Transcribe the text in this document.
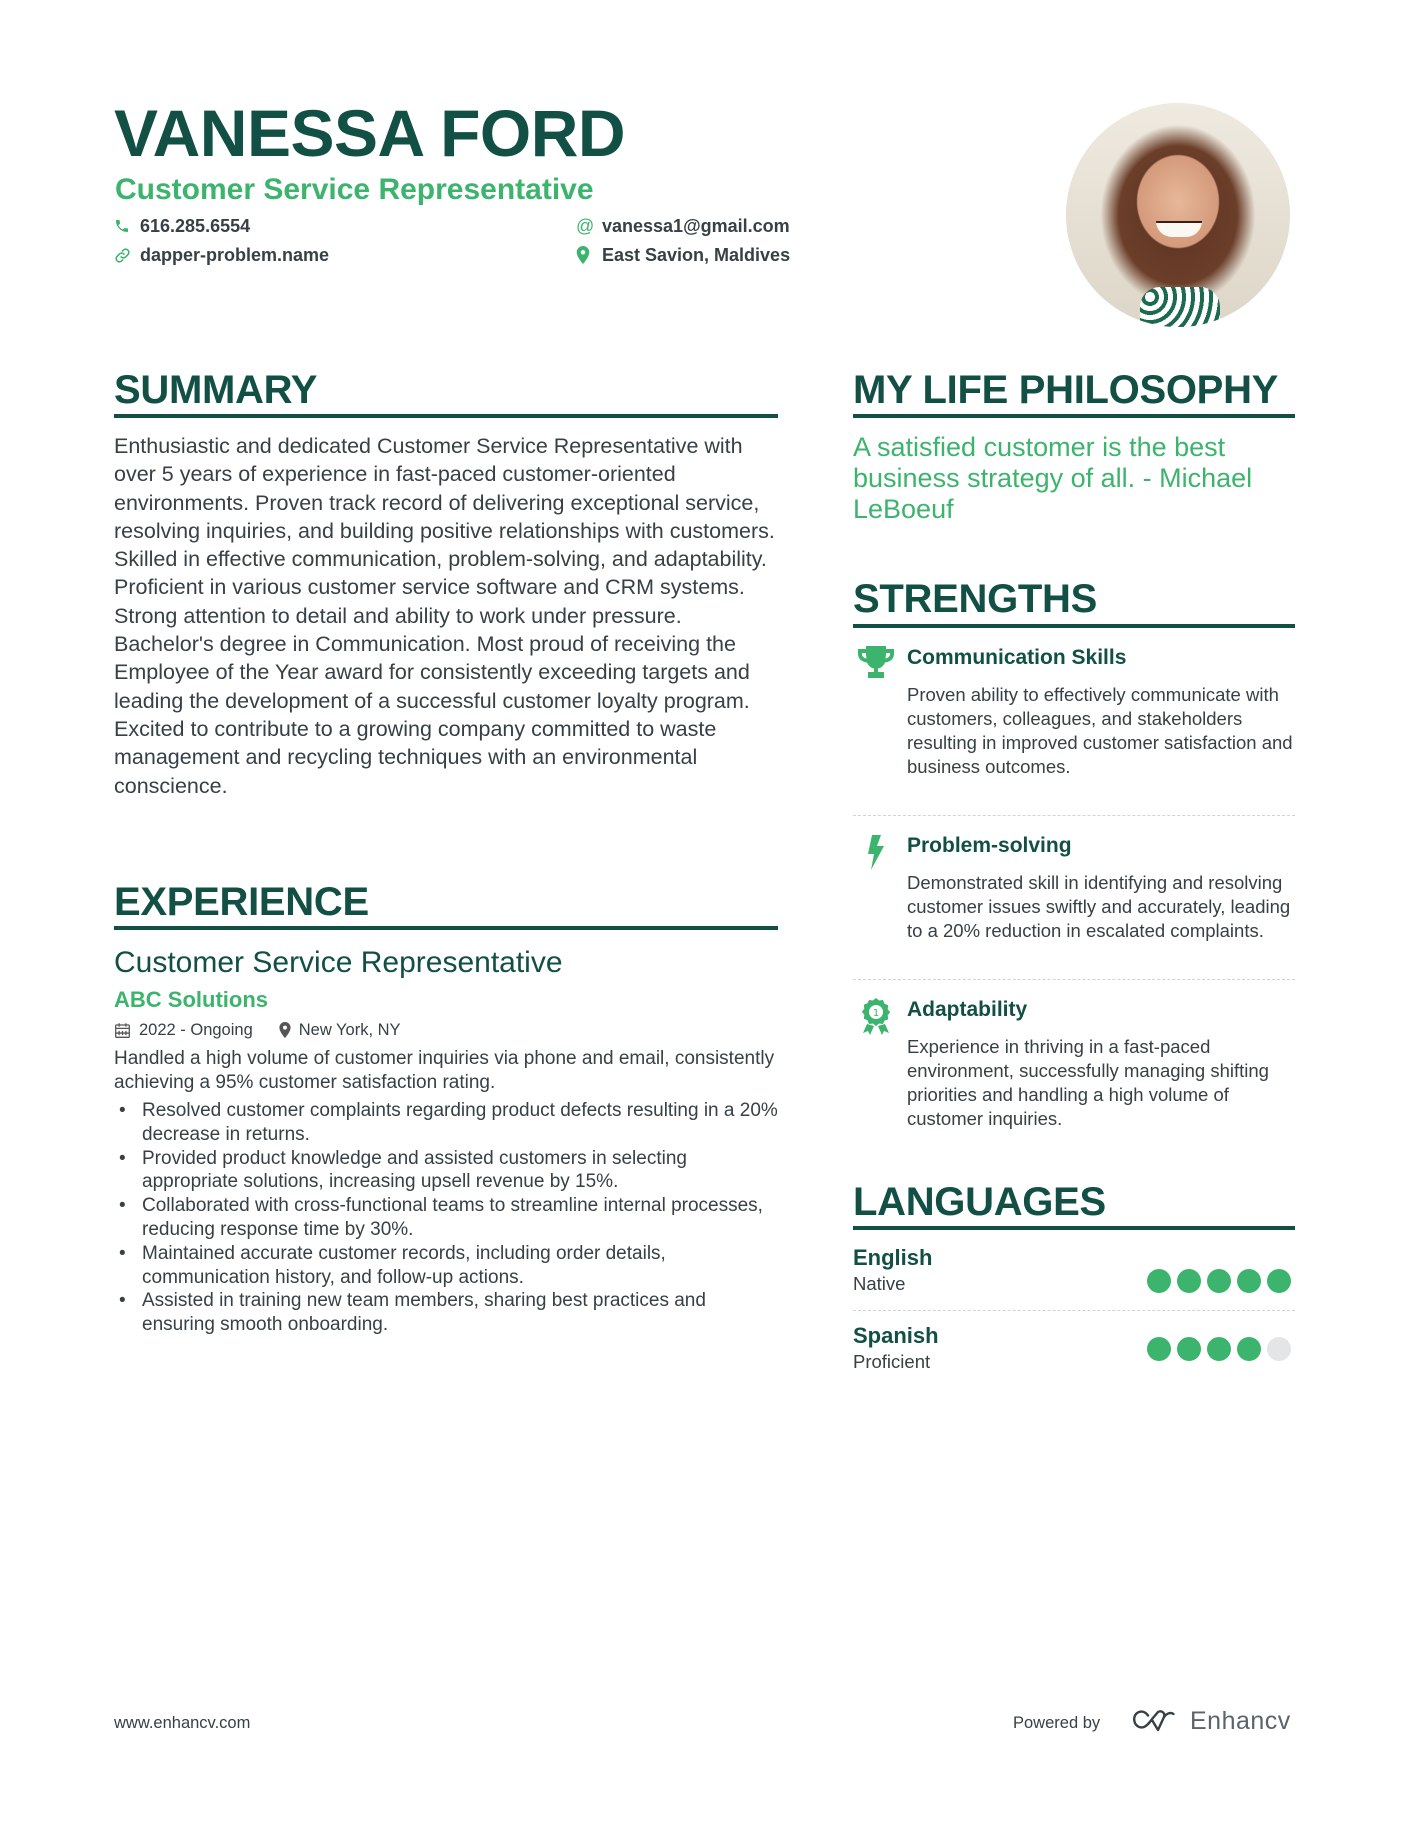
VANESSA FORD
Customer Service Representative
616.285.6554
dapper-problem.name
@ vanessa1@gmail.com
East Savion, Maldives
SUMMARY
Enthusiastic and dedicated Customer Service Representative with over 5 years of experience in fast-paced customer-oriented environments. Proven track record of delivering exceptional service, resolving inquiries, and building positive relationships with customers. Skilled in effective communication, problem-solving, and adaptability. Proficient in various customer service software and CRM systems. Strong attention to detail and ability to work under pressure. Bachelor's degree in Communication. Most proud of receiving the Employee of the Year award for consistently exceeding targets and leading the development of a successful customer loyalty program. Excited to contribute to a growing company committed to waste management and recycling techniques with an environmental conscience.
EXPERIENCE
Customer Service Representative
ABC Solutions
2022 - Ongoing	New York, NY
Handled a high volume of customer inquiries via phone and email, consistently achieving a 95% customer satisfaction rating.
• Resolved customer complaints regarding product defects resulting in a 20% decrease in returns.
• Provided product knowledge and assisted customers in selecting appropriate solutions, increasing upsell revenue by 15%.
• Collaborated with cross-functional teams to streamline internal processes, reducing response time by 30%.
• Maintained accurate customer records, including order details, communication history, and follow-up actions.
• Assisted in training new team members, sharing best practices and ensuring smooth onboarding.
MY LIFE PHILOSOPHY
A satisfied customer is the best business strategy of all. - Michael LeBoeuf
STRENGTHS
Communication Skills
Proven ability to effectively communicate with customers, colleagues, and stakeholders resulting in improved customer satisfaction and business outcomes.
Problem-solving
Demonstrated skill in identifying and resolving customer issues swiftly and accurately, leading to a 20% reduction in escalated complaints.
1 Adaptability
Experience in thriving in a fast-paced environment, successfully managing shifting priorities and handling a high volume of customer inquiries.
LANGUAGES
English
Native
Spanish
Proficient
www.enhancv.com	Powered by	Enhancv
